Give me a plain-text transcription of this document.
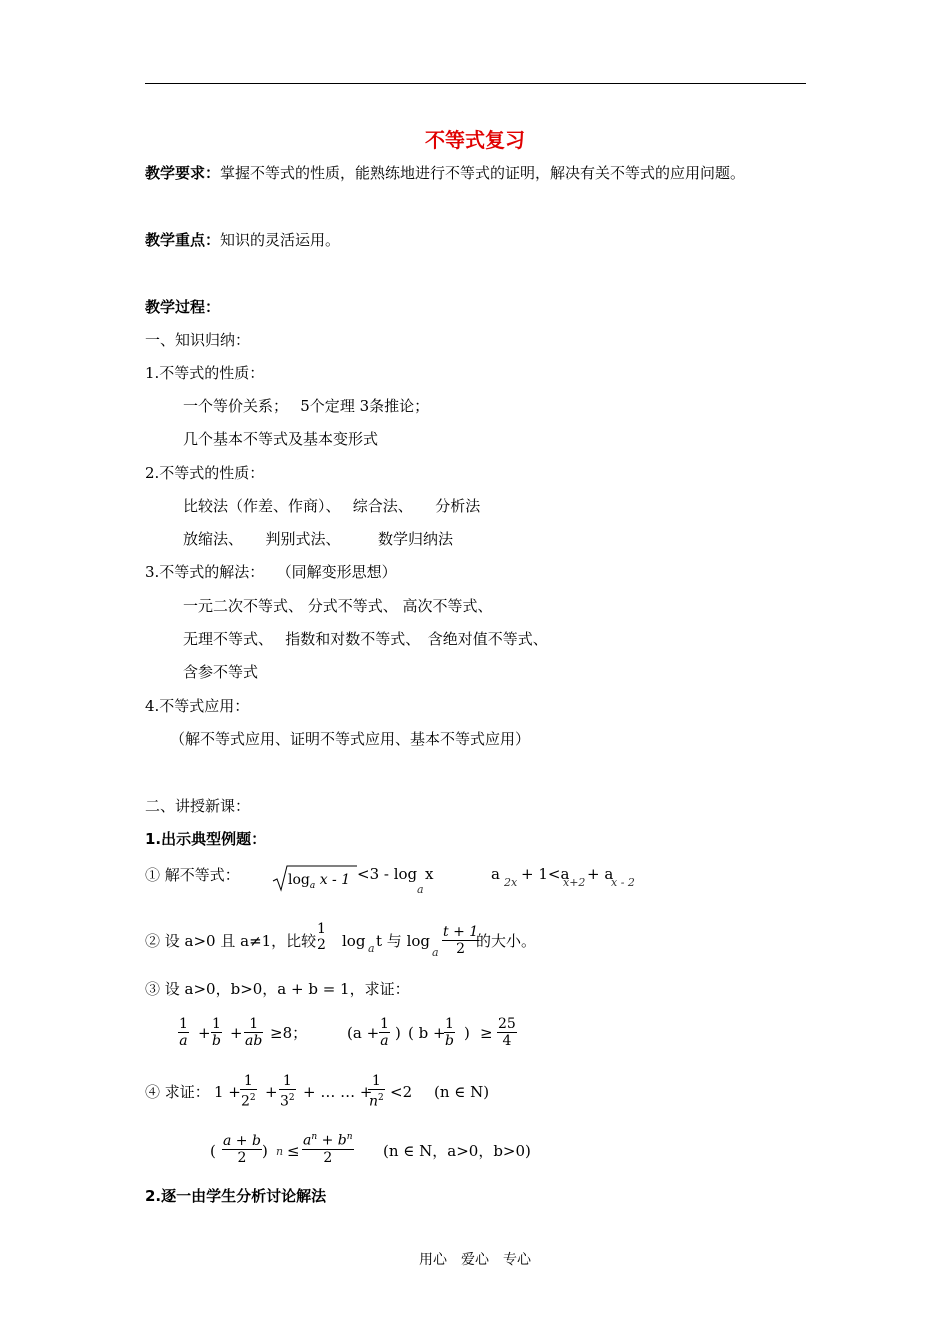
不等式复习
教学要求：掌握不等式的性质，能熟练地进行不等式的证明，解决有关不等式的应用问题。
教学重点：知识的灵活运用。
教学过程：
一、知识归纳：
1.不等式的性质：
一个等价关系；　 5个定理 3条推论；
几个基本不等式及基本变形式
2.不等式的性质：
比较法（作差、作商）、　 综合法、　　分析法
放缩法、　　判别式法、　　　数学归纳法
3.不等式的解法：　 （同解变形思想）
一元二次不等式、 分式不等式、 高次不等式、
无理不等式、　 指数和对数不等式、　含绝对值不等式、
含参不等式
4.不等式应用：
（解不等式应用、证明不等式应用、基本不等式应用）
二、讲授新课：
1.出示典型例题：
① 解不等式：	$\log_a x - 1 <3 - \log$
a
x	a 2x + 1<a
x+2 + a
x - 2
② 设 a>0 且 a≠1，比较
1
2 log a t 与 log
a $\frac{t + 1}{2}$
的大小。
③ 设 a>0，b>0，a + b = 1，求证：
$\frac{1}{a} + \frac{1}{b} + \frac{1}{ab} \ge 8$；	($a + \frac{1}{a}$ ) ( b +
$\frac{1}{b}$ ) ≥ $\frac{25}{4}$
④ 求证： $1 + \frac{1}{2^2} + \frac{1}{3^2}$ + … … +
$\frac{1}{n^2} <2$ (n ∈ N)
( $\frac{a + b}{2}$ ) $n \le \frac{a^n + b^n}{2} (n$ ∈ N，a>0，b>0)
2.逐一由学生分析讨论解法
用心　爱心　专心
